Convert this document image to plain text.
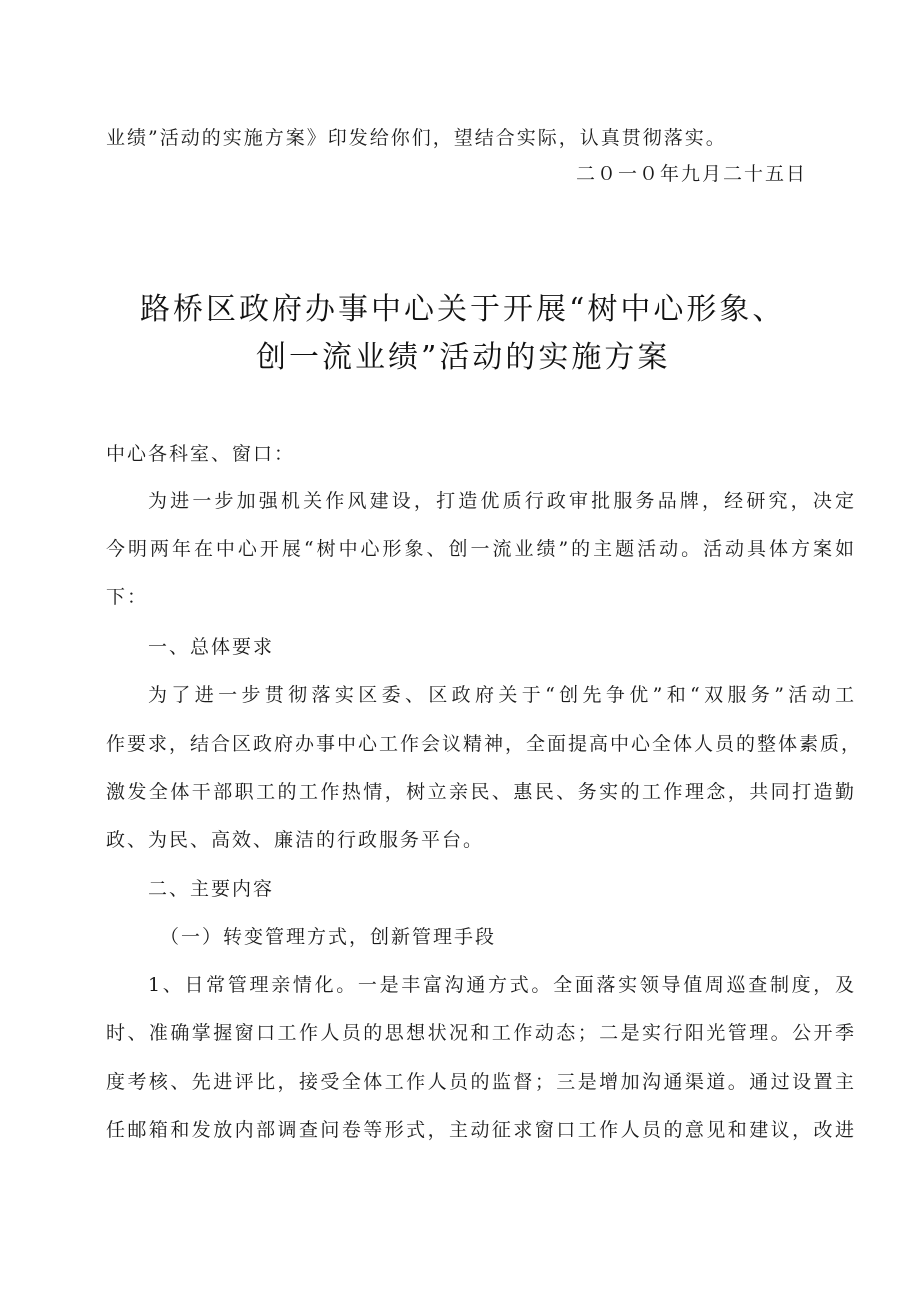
业绩”活动的实施方案》印发给你们，望结合实际，认真贯彻落实。
二０一０年九月二十五日
路桥区政府办事中心关于开展“树中心形象、
创一流业绩”活动的实施方案
中心各科室、窗口：
为进一步加强机关作风建设，打造优质行政审批服务品牌，经研究，决定
今明两年在中心开展“树中心形象、创一流业绩”的主题活动。活动具体方案如
下：
一、总体要求
为了进一步贯彻落实区委、区政府关于“创先争优”和“双服务”活动工
作要求，结合区政府办事中心工作会议精神，全面提高中心全体人员的整体素质，
激发全体干部职工的工作热情，树立亲民、惠民、务实的工作理念，共同打造勤
政、为民、高效、廉洁的行政服务平台。
二、主要内容
（一）转变管理方式，创新管理手段
1、日常管理亲情化。一是丰富沟通方式。全面落实领导值周巡查制度，及
时、准确掌握窗口工作人员的思想状况和工作动态；二是实行阳光管理。公开季
度考核、先进评比，接受全体工作人员的监督；三是增加沟通渠道。通过设置主
任邮箱和发放内部调查问卷等形式，主动征求窗口工作人员的意见和建议，改进
